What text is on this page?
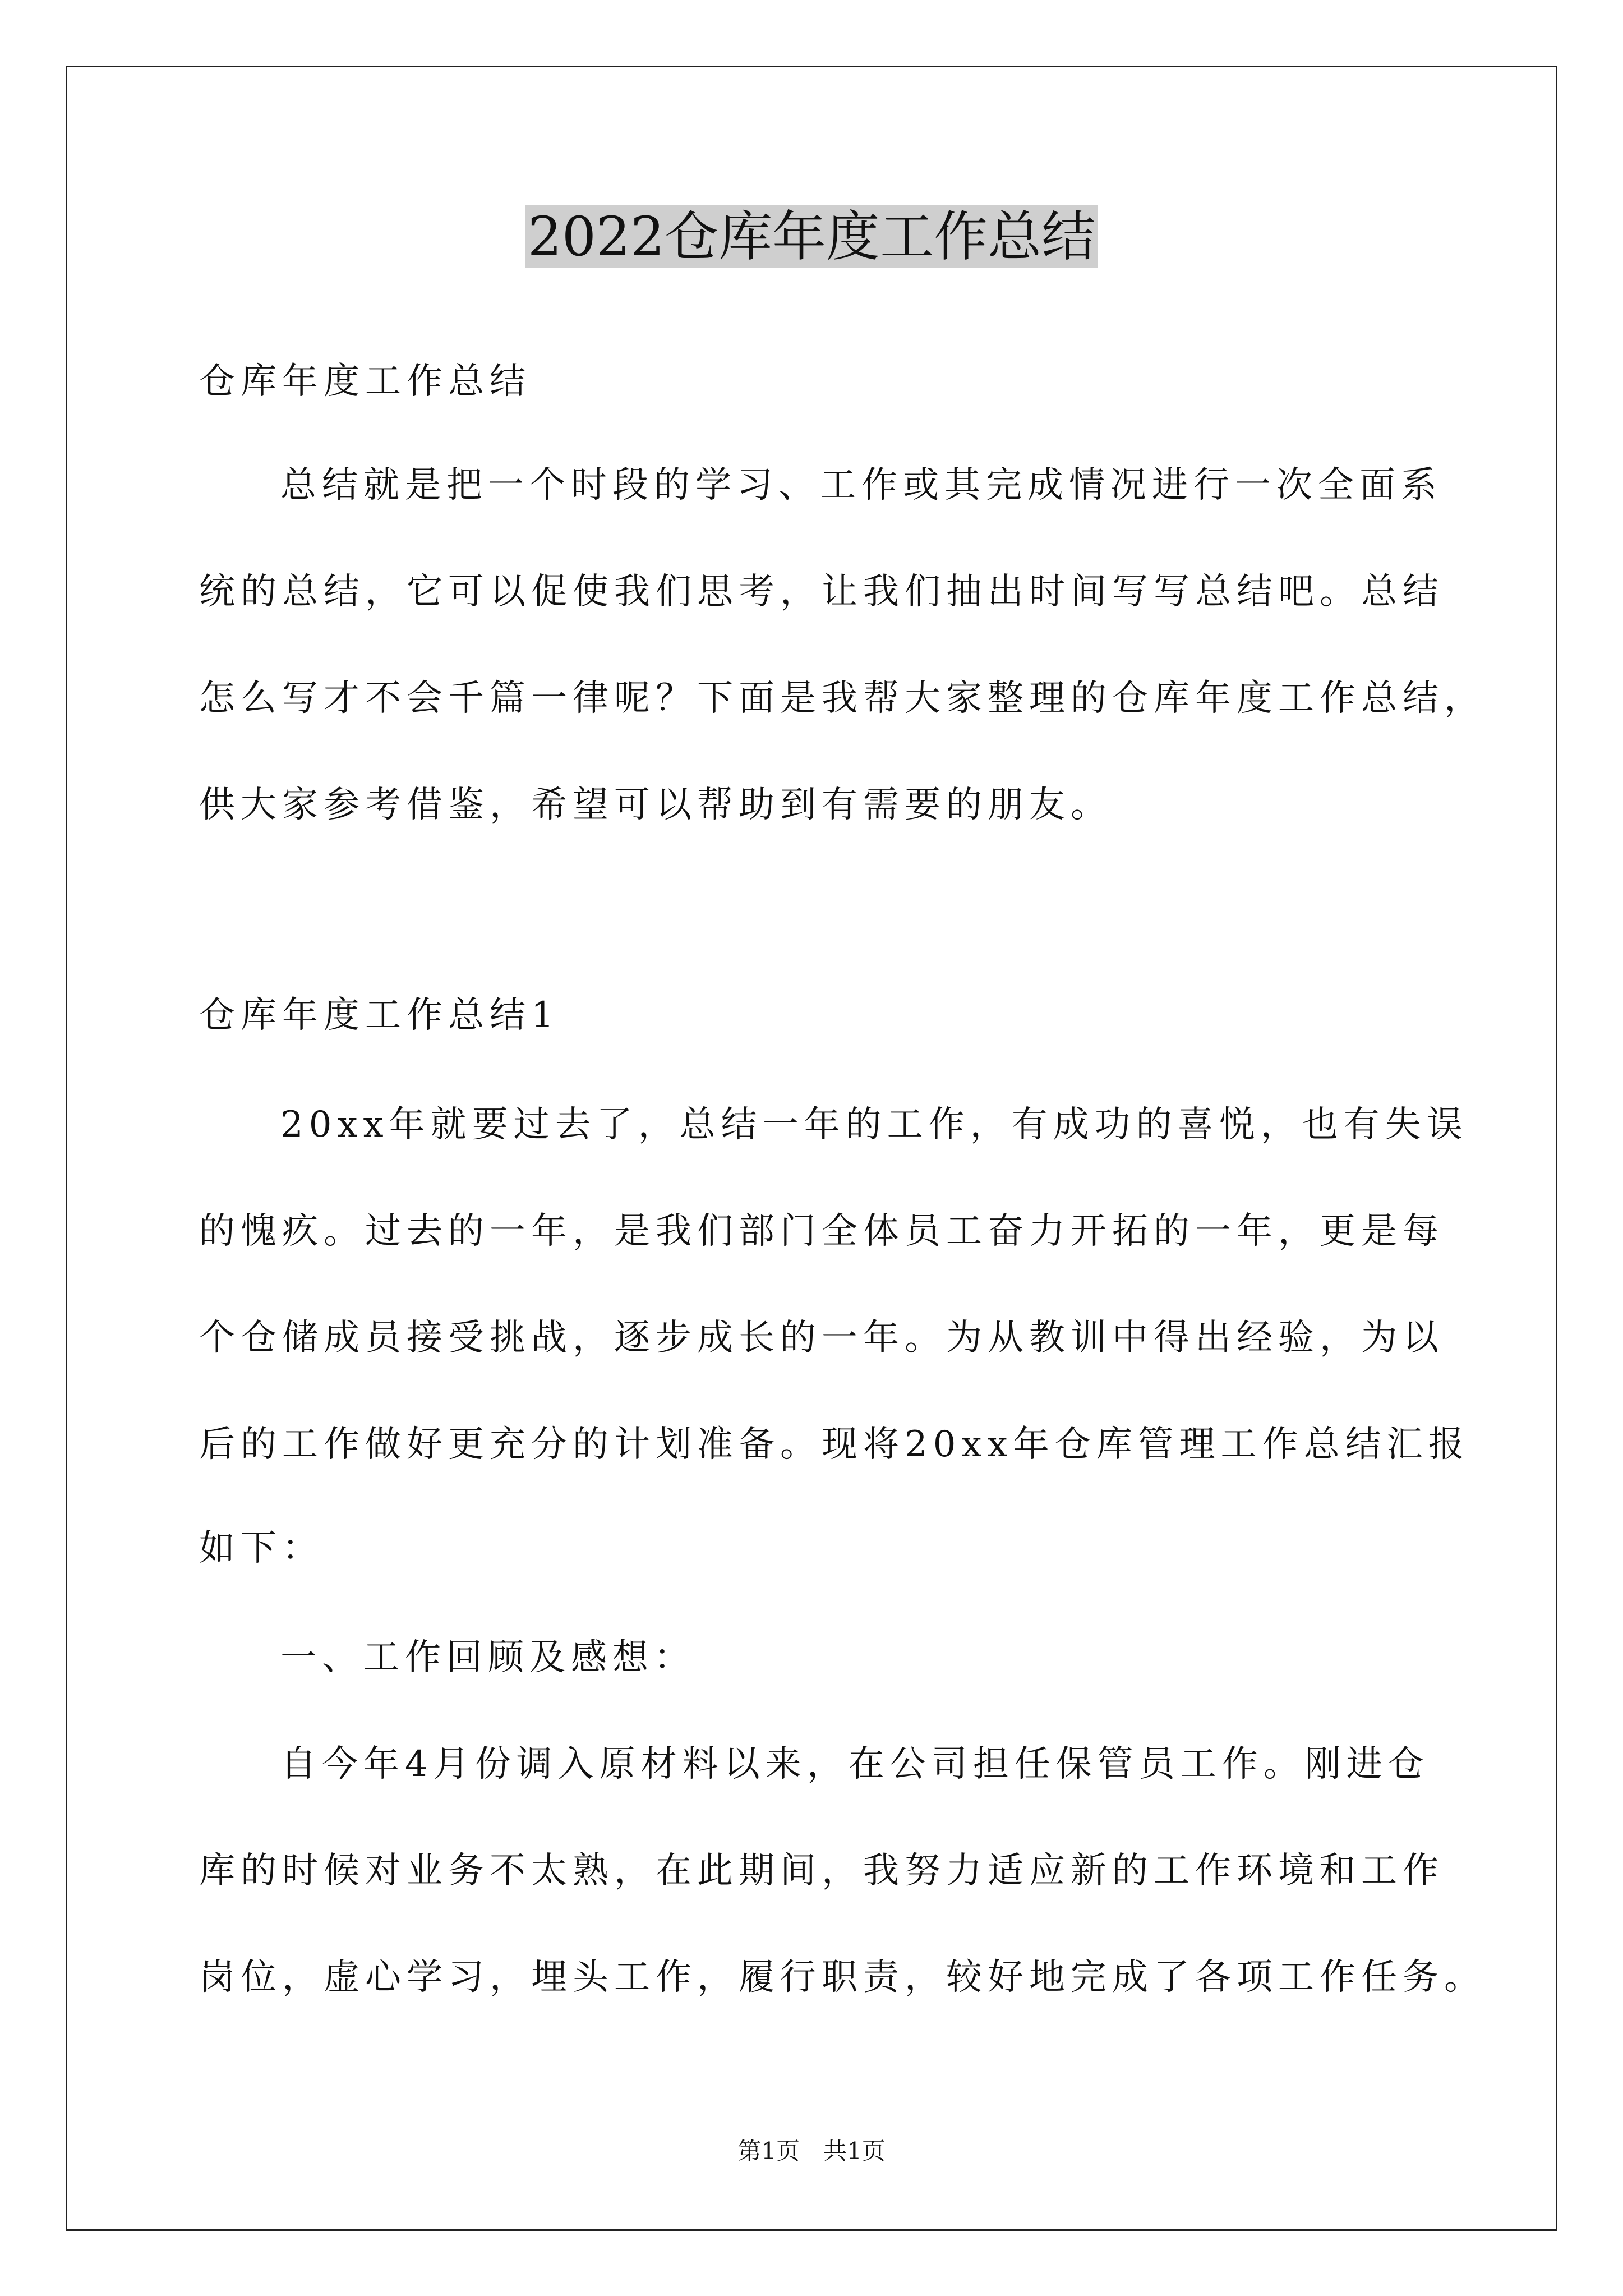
2022仓库年度工作总结

仓库年度工作总结

总结就是把一个时段的学习、工作或其完成情况进行一次全面系

统的总结，它可以促使我们思考，让我们抽出时间写写总结吧。总结

怎么写才不会千篇一律呢？下面是我帮大家整理的仓库年度工作总结，

供大家参考借鉴，希望可以帮助到有需要的朋友。

仓库年度工作总结1

20xx年就要过去了，总结一年的工作，有成功的喜悦，也有失误

的愧疚。过去的一年，是我们部门全体员工奋力开拓的一年，更是每

个仓储成员接受挑战，逐步成长的一年。为从教训中得出经验，为以

后的工作做好更充分的计划准备。现将20xx年仓库管理工作总结汇报

如下：

一、工作回顾及感想：

自今年4月份调入原材料以来，在公司担任保管员工作。刚进仓

库的时候对业务不太熟，在此期间，我努力适应新的工作环境和工作

岗位，虚心学习，埋头工作，履行职责，较好地完成了各项工作任务。

第1页　共1页
